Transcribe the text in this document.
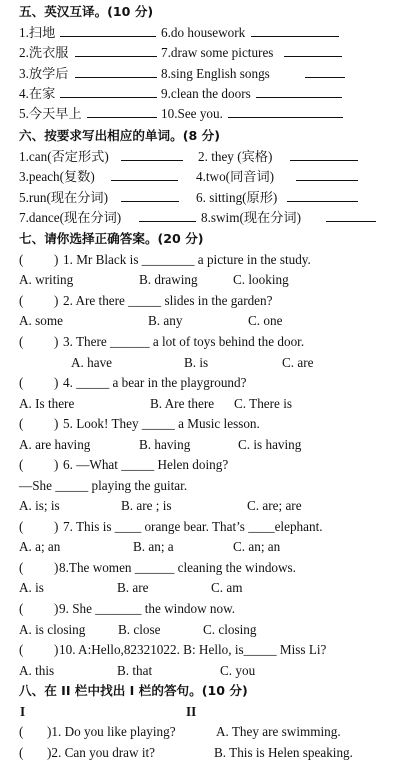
五、英汉互译。(10 分)
1.扫地	6.do housework
2.洗衣服	7.draw some pictures
3.放学后	8.sing English songs
4.在家	9.clean the doors
5.今天早上	10.See you.
六、按要求写出相应的单词。(8 分)
1.can(否定形式)	2. they (宾格)
3.peach(复数)	4.two(同音词)
5.run(现在分词)	6. sitting(原形)
7.dance(现在分词)	8.swim(现在分词)
七、请你选择正确答案。(20 分)
( ) 1. Mr Black is ________ a picture in the study.
A. writing	B. drawing	C. looking
( ) 2. Are there _____ slides in the garden?
A. some	B. any	C. one
( ) 3. There ______ a lot of toys behind the door.
A. have	B. is	C. are
( ) 4. _____ a bear in the playground?
A. Is there	B. Are there C. There is
( ) 5. Look! They _____ a Music lesson.
A. are having	B. having	C. is having
( ) 6. —What _____ Helen doing?
—She _____ playing the guitar.
A. is; is	B. are ; is	C. are; are
( ) 7. This is ____ orange bear. That’s ____elephant.
A. a; an	B. an; a	C. an; an
( ) 8.The women ______ cleaning the windows.
A. is	B. are	C. am
( ) 9. She _______ the window now.
A. is closing B. close	C. closing
( ) 10. A:Hello,82321022. B: Hello, is_____ Miss Li?
A. this	B. that	C. you
八、在 II 栏中找出 I 栏的答句。(10 分)
I	II
( )1. Do you like playing?	A. They are swimming.
( )2. Can you draw it?	B. This is Helen speaking.
